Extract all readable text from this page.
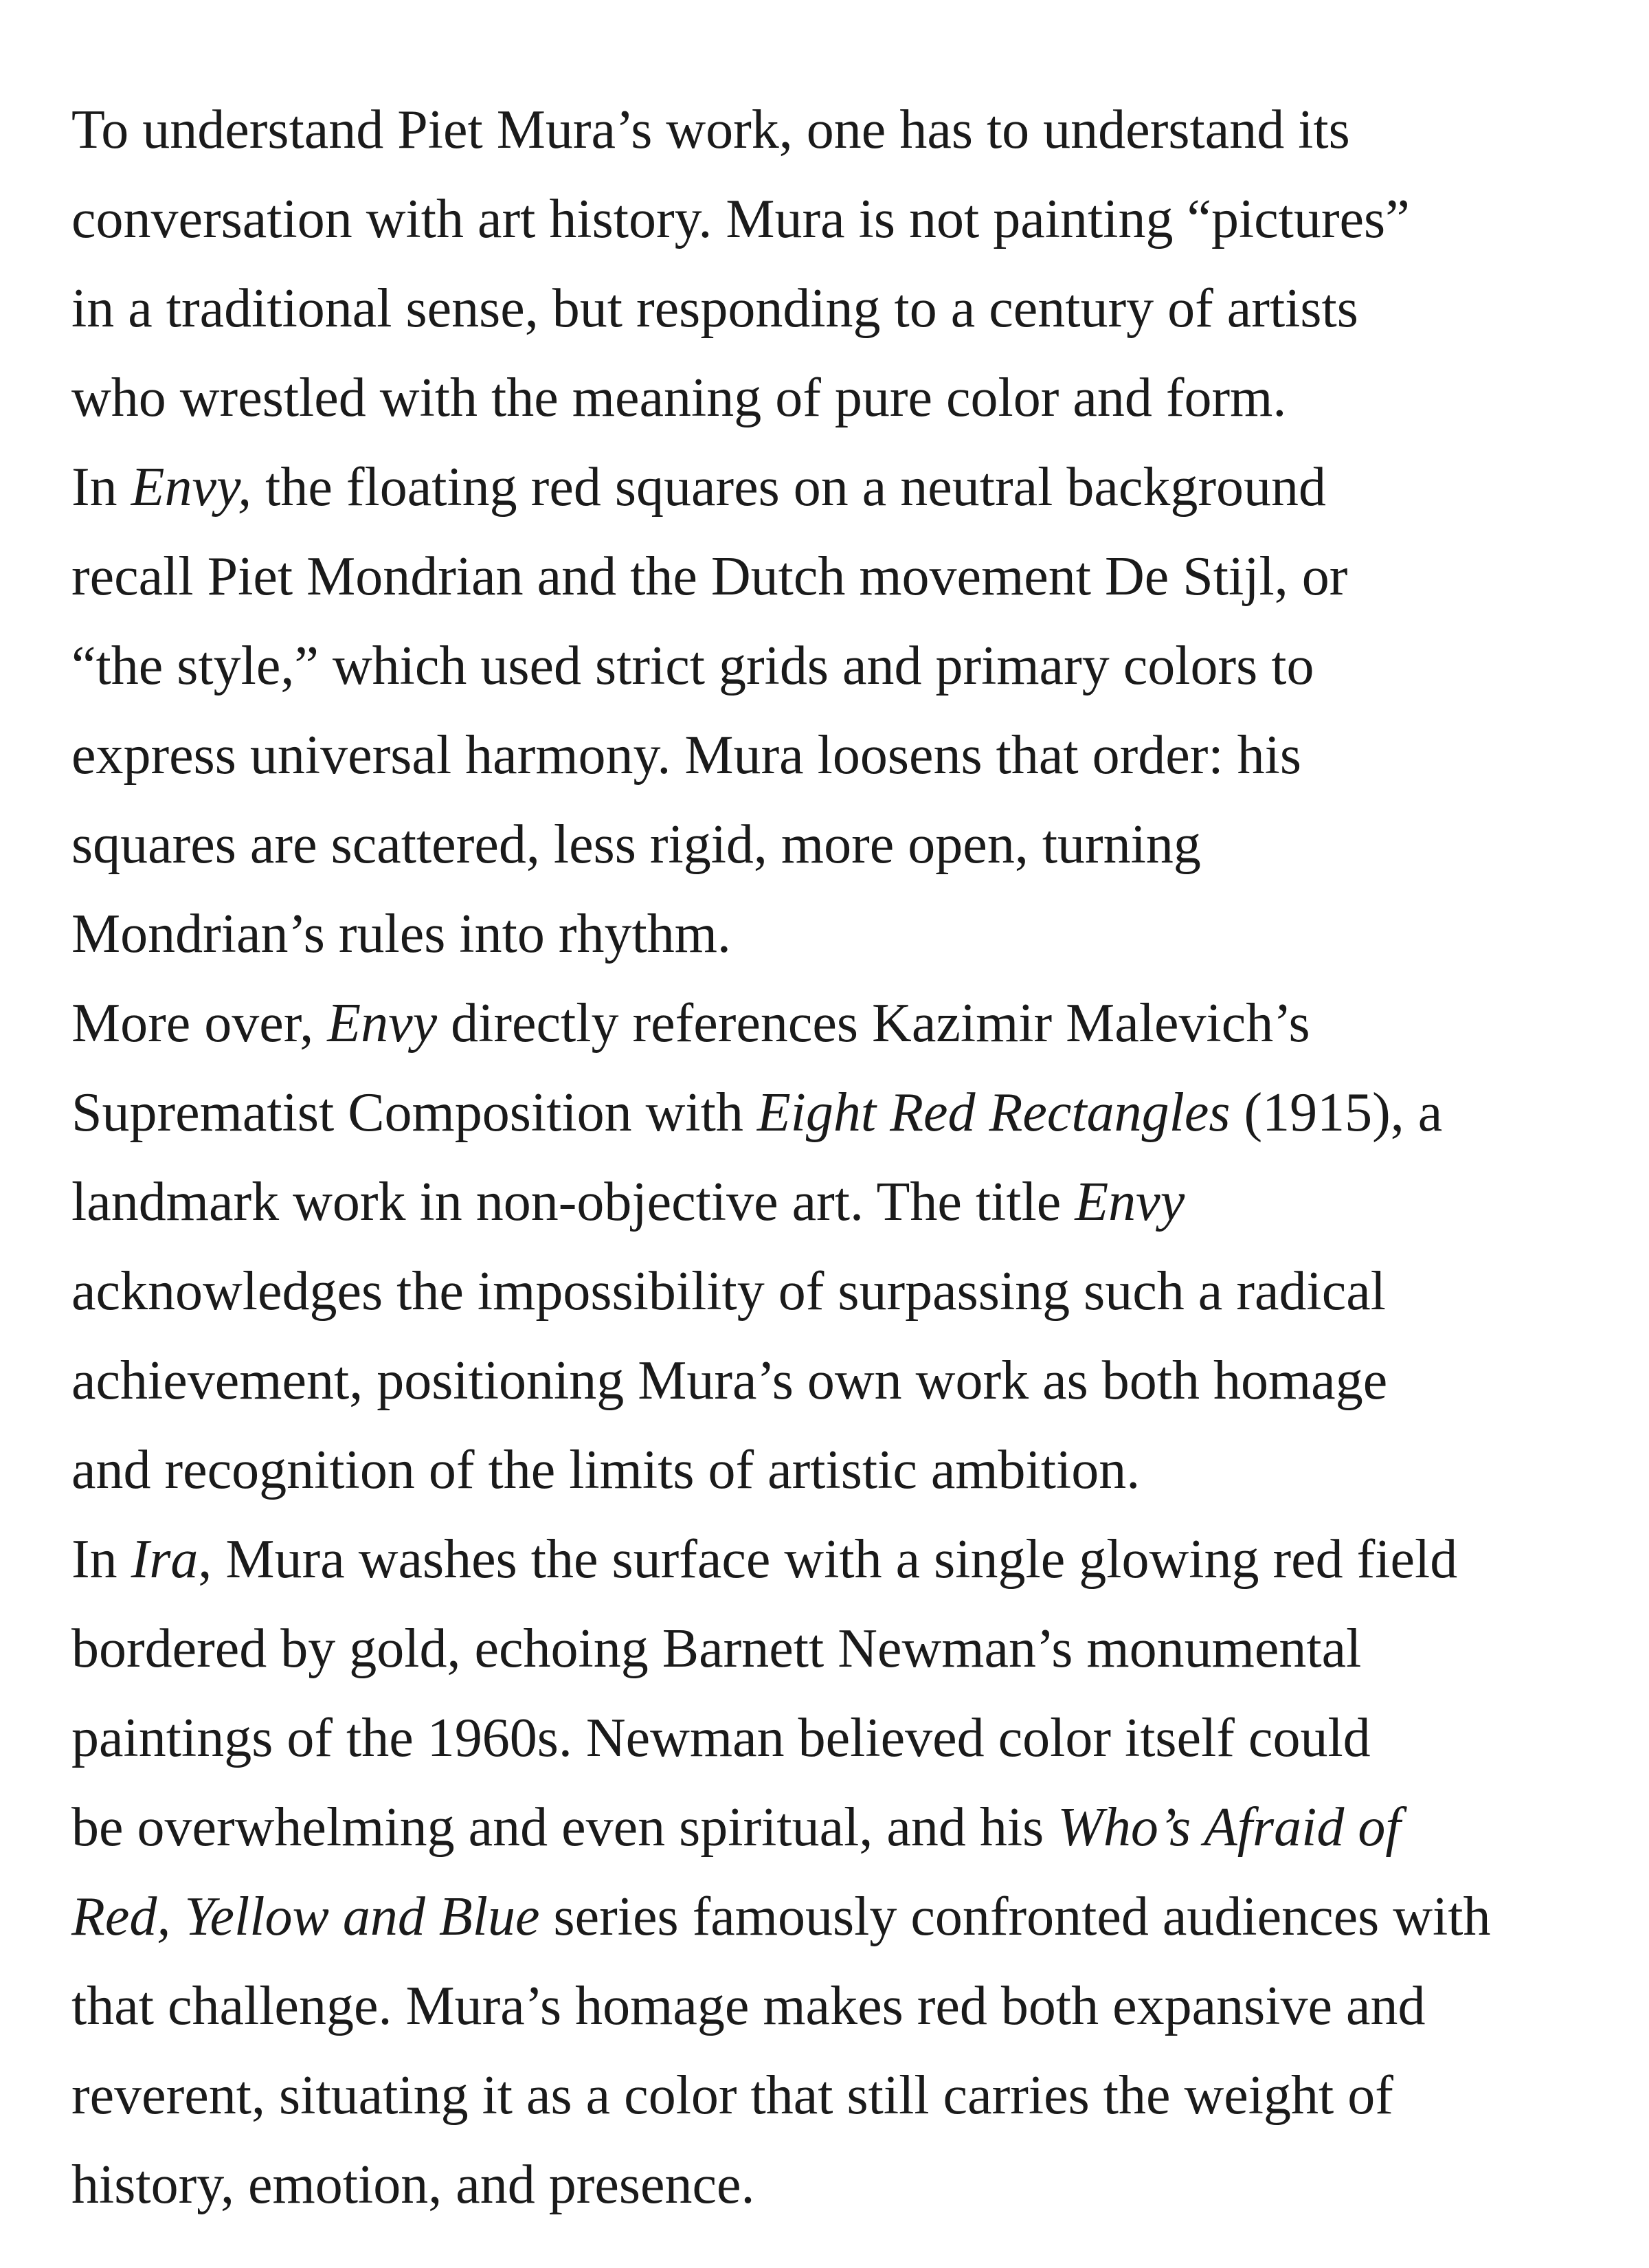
To understand Piet Mura’s work, one has to understand its
conversation with art history. Mura is not painting “pictures”
in a traditional sense, but responding to a century of artists
who wrestled with the meaning of pure color and form.
In Envy, the floating red squares on a neutral background
recall Piet Mondrian and the Dutch movement De Stijl, or
“the style,” which used strict grids and primary colors to
express universal harmony. Mura loosens that order: his
squares are scattered, less rigid, more open, turning
Mondrian’s rules into rhythm.
More over, Envy directly references Kazimir Malevich’s
Suprematist Composition with Eight Red Rectangles (1915), a
landmark work in non-objective art. The title Envy
acknowledges the impossibility of surpassing such a radical
achievement, positioning Mura’s own work as both homage
and recognition of the limits of artistic ambition.
In Ira, Mura washes the surface with a single glowing red field
bordered by gold, echoing Barnett Newman’s monumental
paintings of the 1960s. Newman believed color itself could
be overwhelming and even spiritual, and his Who’s Afraid of
Red, Yellow and Blue series famously confronted audiences with
that challenge. Mura’s homage makes red both expansive and
reverent, situating it as a color that still carries the weight of
history, emotion, and presence.
